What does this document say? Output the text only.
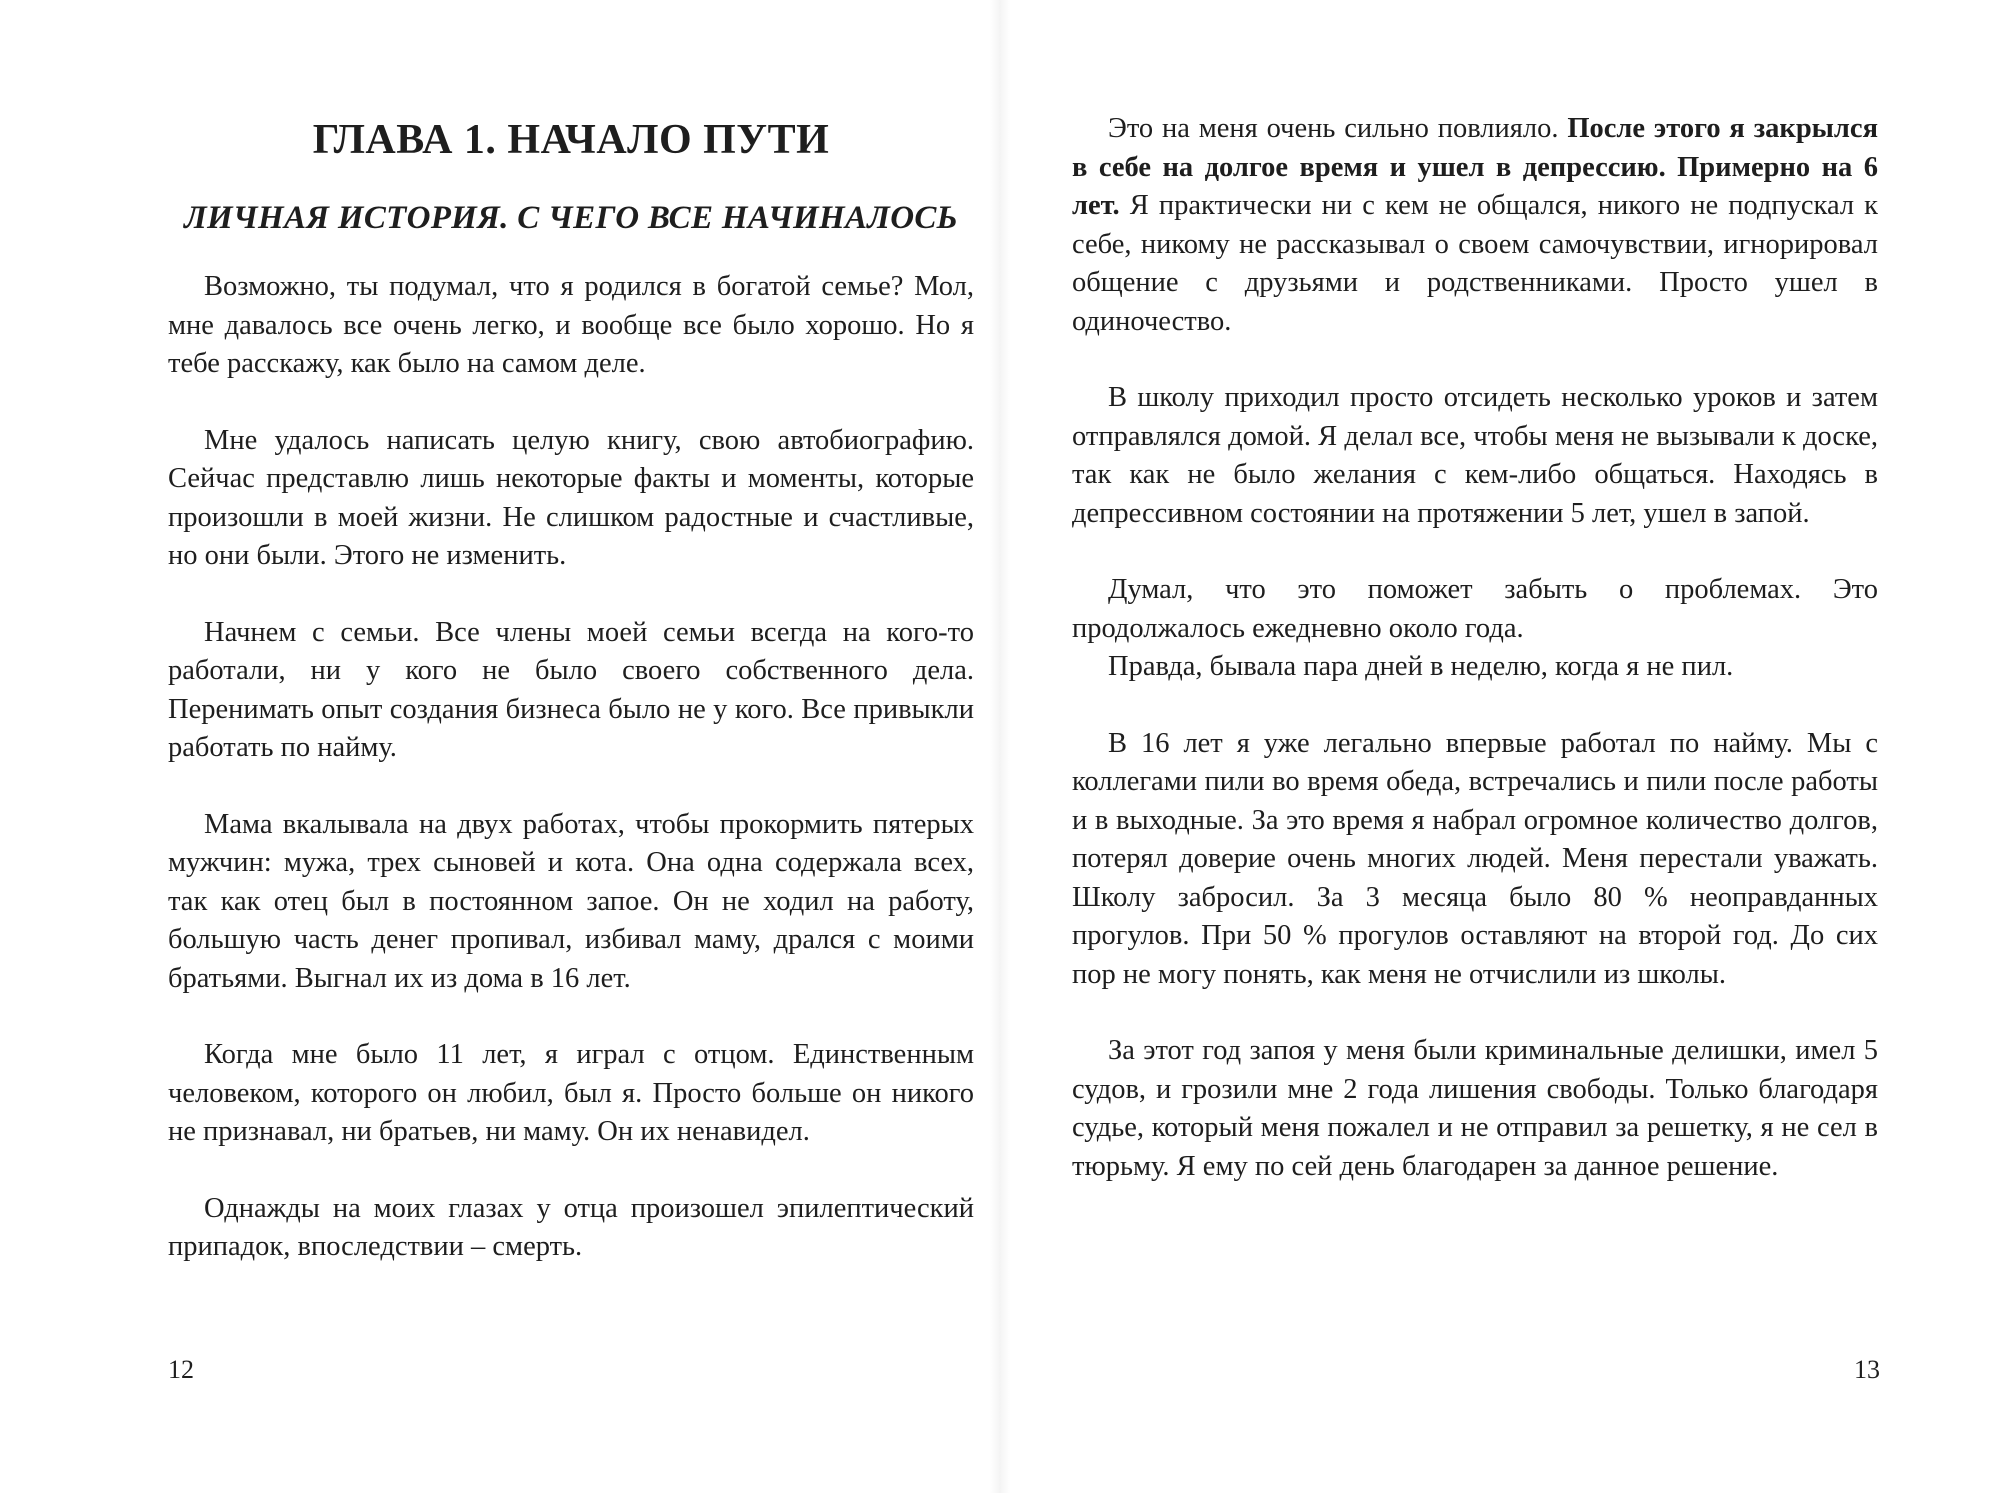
ГЛАВА 1. НАЧАЛО ПУТИ
ЛИЧНАЯ ИСТОРИЯ. С ЧЕГО ВСЕ НАЧИНАЛОСЬ

Возможно, ты подумал, что я родился в богатой семье? Мол, мне давалось все очень легко, и вообще все было хорошо. Но я тебе расскажу, как было на самом деле.

Мне удалось написать целую книгу, свою автобиографию. Сейчас представлю лишь некоторые факты и моменты, которые произошли в моей жизни. Не слишком радостные и счастливые, но они были. Этого не изменить.

Начнем с семьи. Все члены моей семьи всегда на кого-то работали, ни у кого не было своего собственного дела. Перенимать опыт создания бизнеса было не у кого. Все привыкли работать по найму.

Мама вкалывала на двух работах, чтобы прокормить пятерых мужчин: мужа, трех сыновей и кота. Она одна содержала всех, так как отец был в постоянном запое. Он не ходил на работу, большую часть денег пропивал, избивал маму, дрался с моими братьями. Выгнал их из дома в 16 лет.

Когда мне было 11 лет, я играл с отцом. Единственным человеком, которого он любил, был я. Просто больше он никого не признавал, ни братьев, ни маму. Он их ненавидел.

Однажды на моих глазах у отца произошел эпилептический припадок, впоследствии – смерть.

12

Это на меня очень сильно повлияло. После этого я закрылся в себе на долгое время и ушел в депрессию. Примерно на 6 лет. Я практически ни с кем не общался, никого не подпускал к себе, никому не рассказывал о своем самочувствии, игнорировал общение с друзьями и родственниками. Просто ушел в одиночество.

В школу приходил просто отсидеть несколько уроков и затем отправлялся домой. Я делал все, чтобы меня не вызывали к доске, так как не было желания с кем-либо общаться. Находясь в депрессивном состоянии на протяжении 5 лет, ушел в запой.

Думал, что это поможет забыть о проблемах. Это продолжалось ежедневно около года.

Правда, бывала пара дней в неделю, когда я не пил.

В 16 лет я уже легально впервые работал по найму. Мы с коллегами пили во время обеда, встречались и пили после работы и в выходные. За это время я набрал огромное количество долгов, потерял доверие очень многих людей. Меня перестали уважать. Школу забросил. За 3 месяца было 80 % неоправданных прогулов. При 50 % прогулов оставляют на второй год. До сих пор не могу понять, как меня не отчислили из школы.

За этот год запоя у меня были криминальные делишки, имел 5 судов, и грозили мне 2 года лишения свободы. Только благодаря судье, который меня пожалел и не отправил за решетку, я не сел в тюрьму. Я ему по сей день благодарен за данное решение.

13
